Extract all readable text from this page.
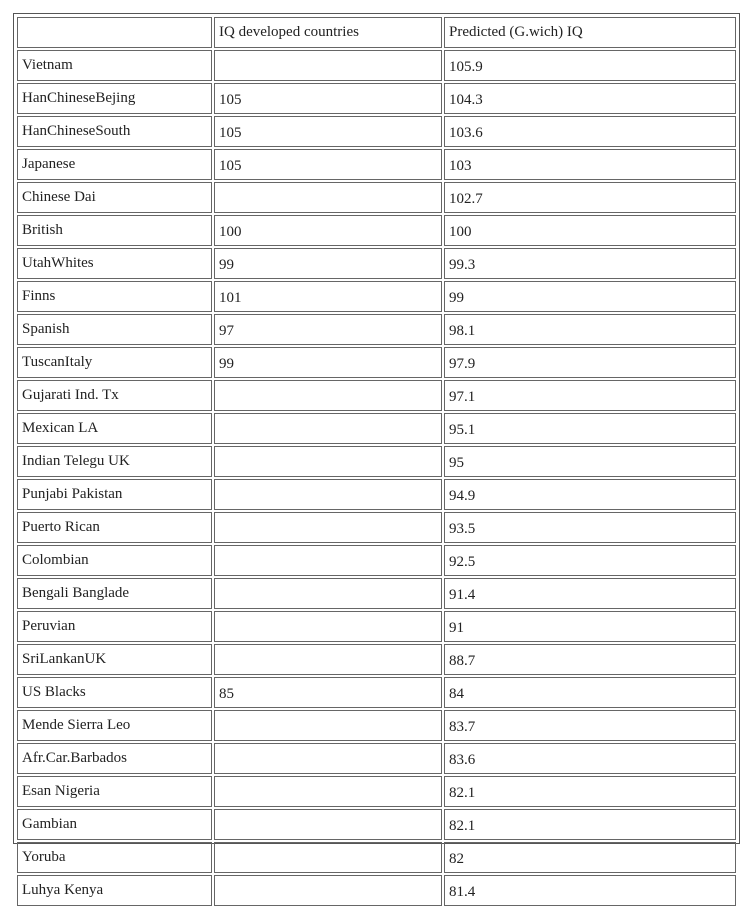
	IQ developed countries	Predicted (G.wich) IQ
Vietnam		105.9
HanChineseBejing	105	104.3
HanChineseSouth	105	103.6
Japanese	105	103
Chinese Dai		102.7
British	100	100
UtahWhites	99	99.3
Finns	101	99
Spanish	97	98.1
TuscanItaly	99	97.9
Gujarati Ind. Tx		97.1
Mexican LA		95.1
Indian Telegu UK		95
Punjabi Pakistan		94.9
Puerto Rican		93.5
Colombian		92.5
Bengali Banglade		91.4
Peruvian		91
SriLankanUK		88.7
US Blacks	85	84
Mende Sierra Leo		83.7
Afr.Car.Barbados		83.6
Esan Nigeria		82.1
Gambian		82.1
Yoruba		82
Luhya Kenya		81.4
